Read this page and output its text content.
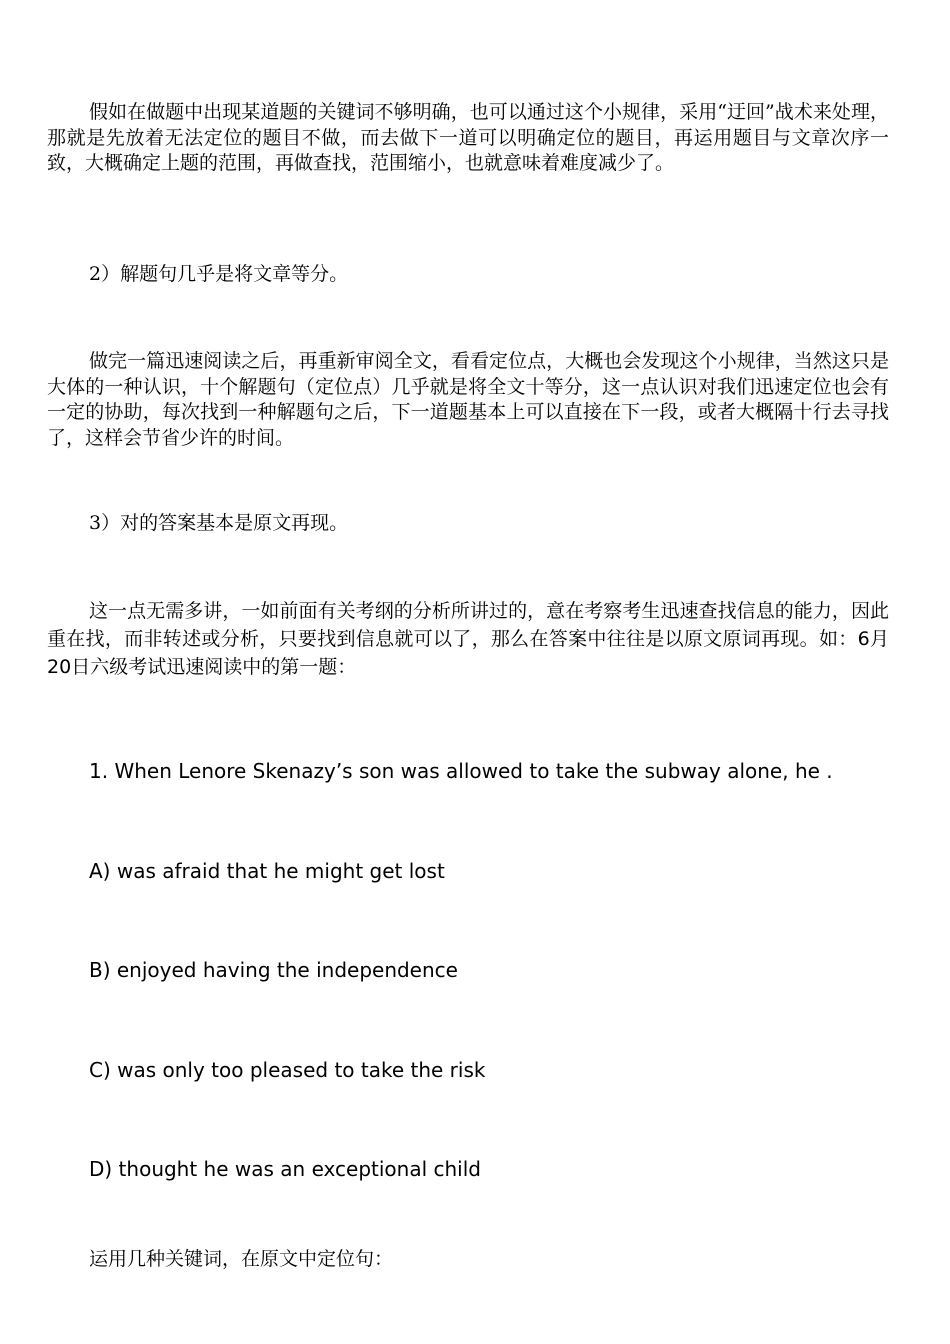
假如在做题中出现某道题的关键词不够明确，也可以通过这个小规律，采用“迂回”战术来处理，那就是先放着无法定位的题目不做，而去做下一道可以明确定位的题目，再运用题目与文章次序一致，大概确定上题的范围，再做查找，范围缩小，也就意味着难度减少了。

2）解题句几乎是将文章等分。

做完一篇迅速阅读之后，再重新审阅全文，看看定位点，大概也会发现这个小规律，当然这只是大体的一种认识，十个解题句（定位点）几乎就是将全文十等分，这一点认识对我们迅速定位也会有一定的协助，每次找到一种解题句之后，下一道题基本上可以直接在下一段，或者大概隔十行去寻找了，这样会节省少许的时间。

3）对的答案基本是原文再现。

这一点无需多讲，一如前面有关考纲的分析所讲过的，意在考察考生迅速查找信息的能力，因此重在找，而非转述或分析，只要找到信息就可以了，那么在答案中往往是以原文原词再现。如：6月20日六级考试迅速阅读中的第一题：

1. When Lenore Skenazy’s son was allowed to take the subway alone, he .

A) was afraid that he might get lost

B) enjoyed having the independence

C) was only too pleased to take the risk

D) thought he was an exceptional child

运用几种关键词，在原文中定位句：
